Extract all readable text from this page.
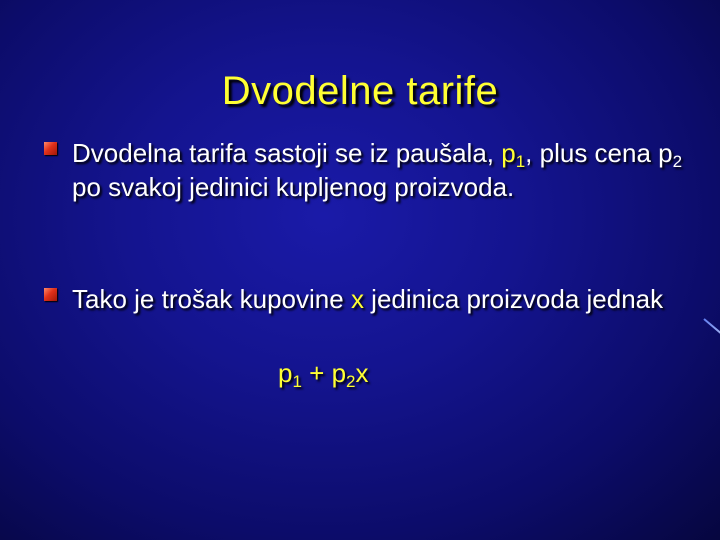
Dvodelne tarife
Dvodelna tarifa sastoji se iz paušala, $p_1$, plus cena $p_2$ po svakoj jedinici kupljenog proizvoda.
Tako je trošak kupovine x jedinica proizvoda jednak
$p_1 + p_2x$
